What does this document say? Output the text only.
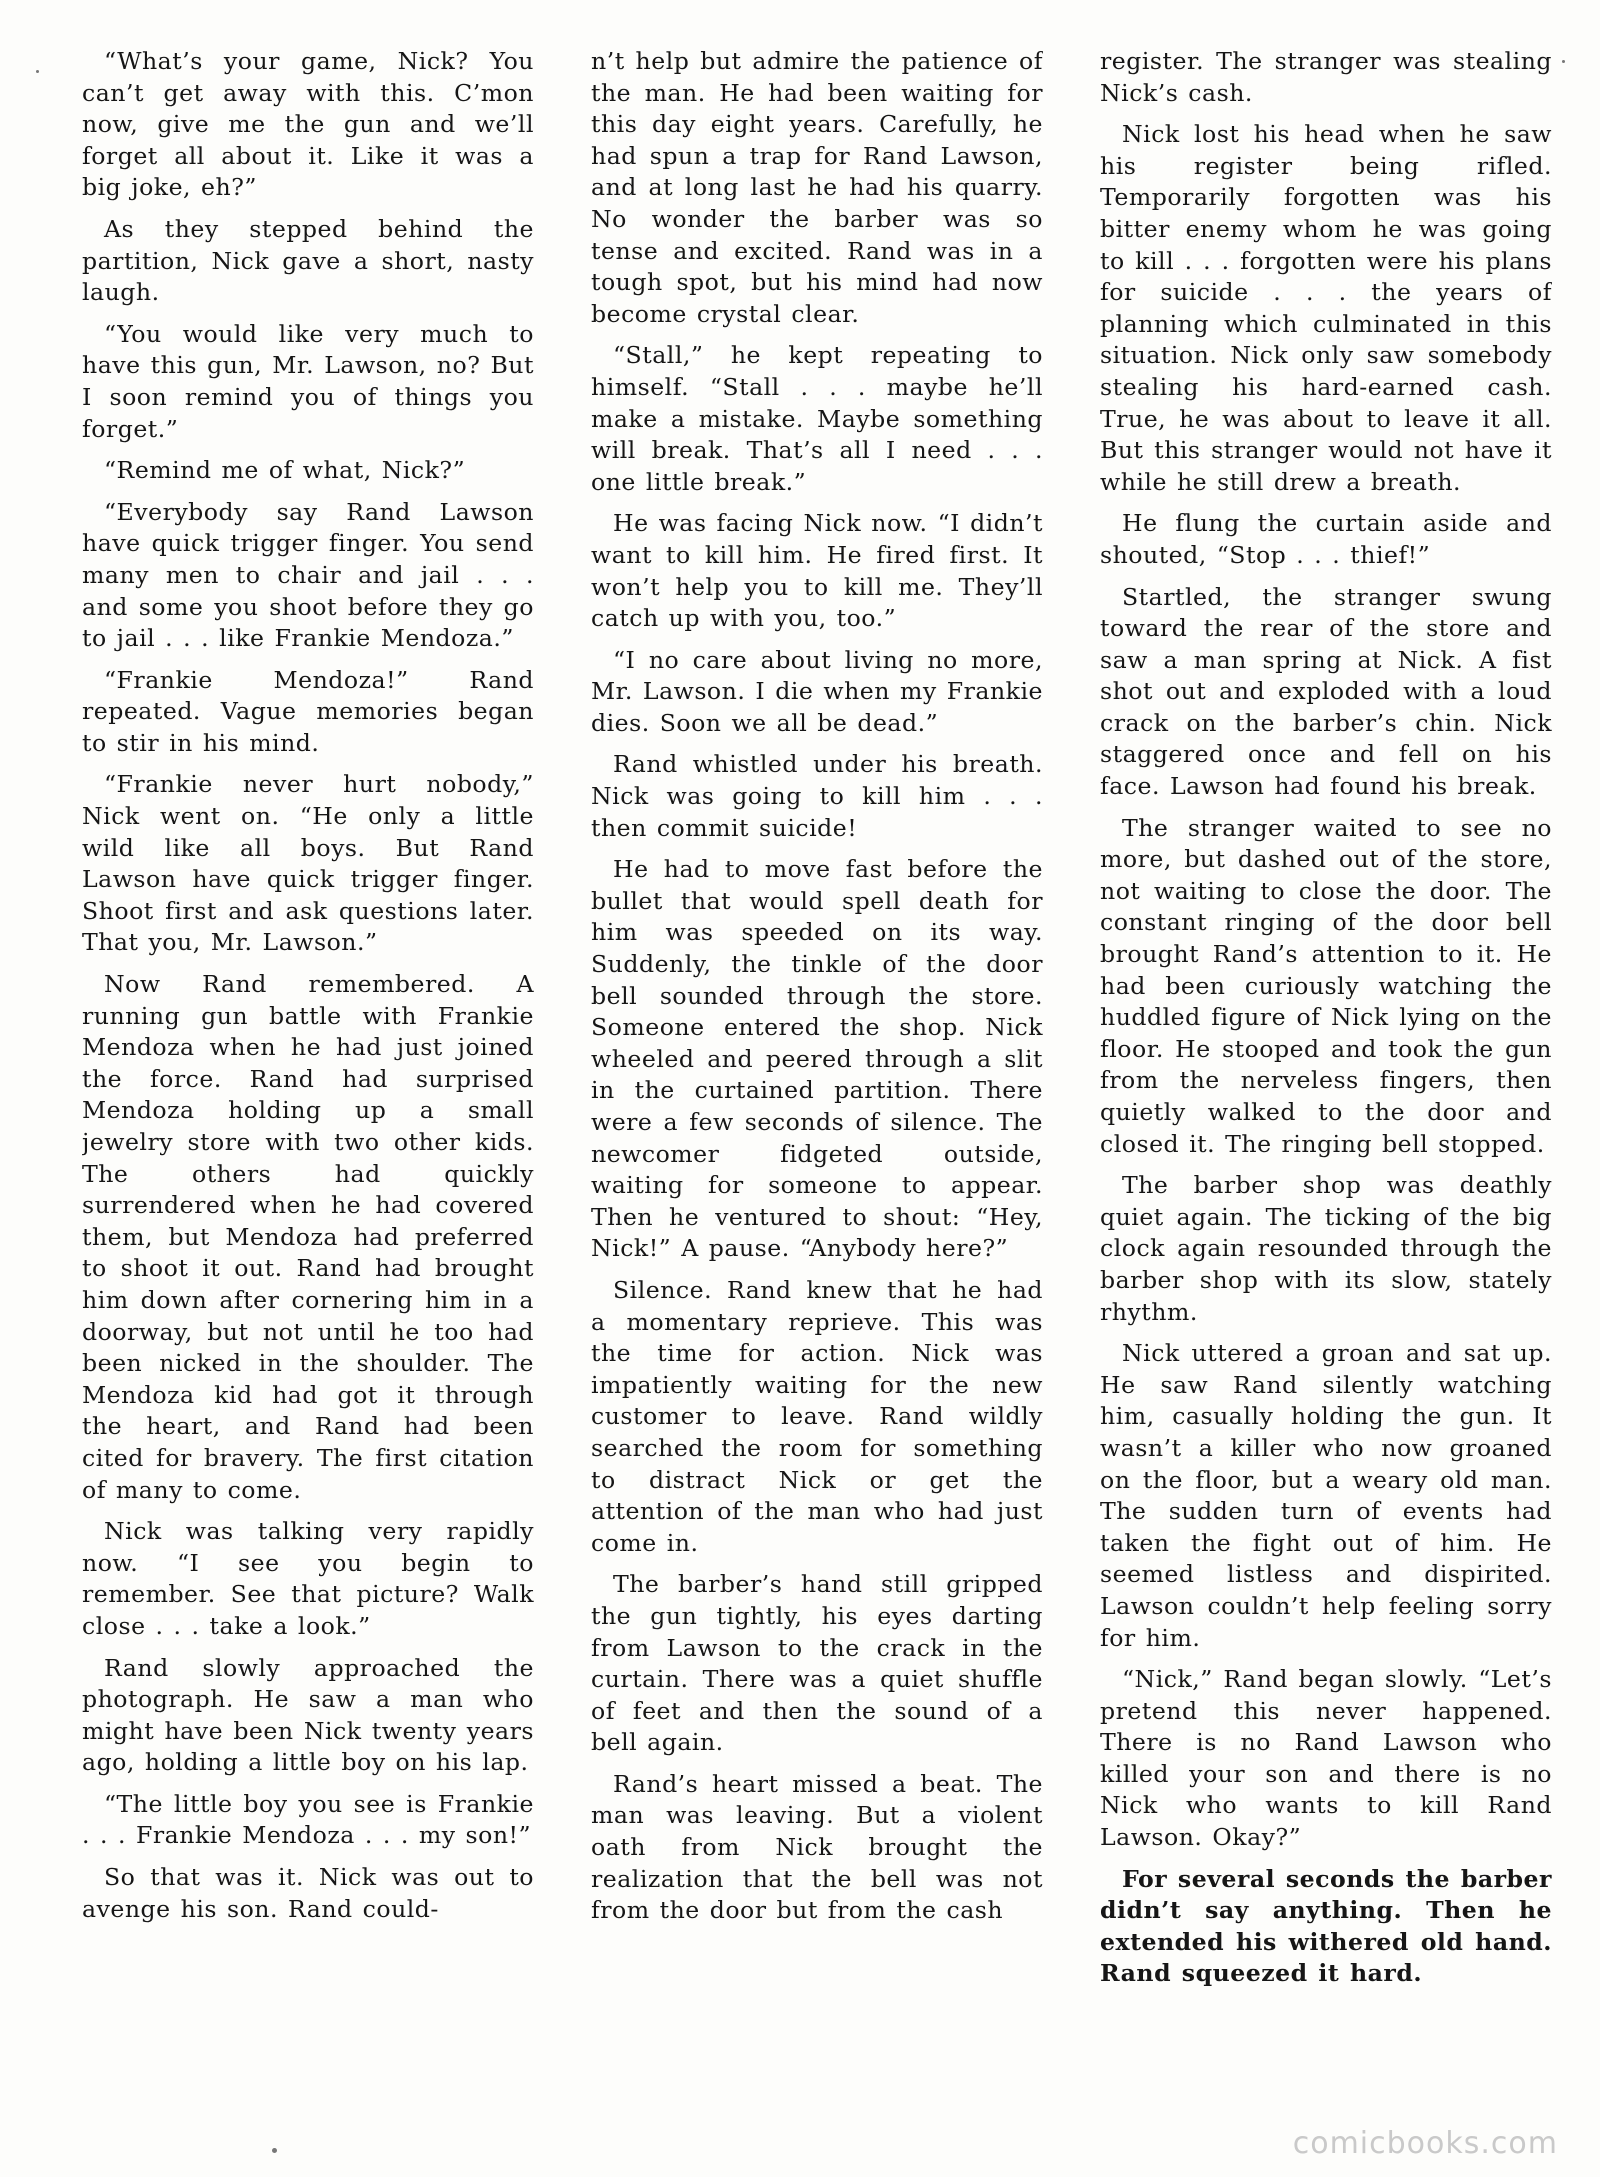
“What’s your game, Nick? You can’t get away with this. C’mon now, give me the gun and we’ll forget all about it. Like it was a big joke, eh?”

As they stepped behind the partition, Nick gave a short, nasty laugh.

“You would like very much to have this gun, Mr. Lawson, no? But I soon remind you of things you forget.”

“Remind me of what, Nick?”

“Everybody say Rand Lawson have quick trigger finger. You send many men to chair and jail . . . and some you shoot before they go to jail . . . like Frankie Mendoza.”

“Frankie Mendoza!” Rand repeated. Vague memories began to stir in his mind.

“Frankie never hurt nobody,” Nick went on. “He only a little wild like all boys. But Rand Lawson have quick trigger finger. Shoot first and ask questions later. That you, Mr. Lawson.”

Now Rand remembered. A running gun battle with Frankie Mendoza when he had just joined the force. Rand had surprised Mendoza holding up a small jewelry store with two other kids. The others had quickly surrendered when he had covered them, but Mendoza had preferred to shoot it out. Rand had brought him down after cornering him in a doorway, but not until he too had been nicked in the shoulder. The Mendoza kid had got it through the heart, and Rand had been cited for bravery. The first citation of many to come.

Nick was talking very rapidly now. “I see you begin to remember. See that picture? Walk close . . . take a look.”

Rand slowly approached the photograph. He saw a man who might have been Nick twenty years ago, holding a little boy on his lap.

“The little boy you see is Frankie . . . Frankie Mendoza . . . my son!”

So that was it. Nick was out to avenge his son. Rand could-

n’t help but admire the patience of the man. He had been waiting for this day eight years. Carefully, he had spun a trap for Rand Lawson, and at long last he had his quarry. No wonder the barber was so tense and excited. Rand was in a tough spot, but his mind had now become crystal clear.

“Stall,” he kept repeating to himself. “Stall . . . maybe he’ll make a mistake. Maybe something will break. That’s all I need . . . one little break.”

He was facing Nick now. “I didn’t want to kill him. He fired first. It won’t help you to kill me. They’ll catch up with you, too.”

“I no care about living no more, Mr. Lawson. I die when my Frankie dies. Soon we all be dead.”

Rand whistled under his breath. Nick was going to kill him . . . then commit suicide!

He had to move fast before the bullet that would spell death for him was speeded on its way. Suddenly, the tinkle of the door bell sounded through the store. Someone entered the shop. Nick wheeled and peered through a slit in the curtained partition. There were a few seconds of silence. The newcomer fidgeted outside, waiting for someone to appear. Then he ventured to shout: “Hey, Nick!” A pause. “Anybody here?”

Silence. Rand knew that he had a momentary reprieve. This was the time for action. Nick was impatiently waiting for the new customer to leave. Rand wildly searched the room for something to distract Nick or get the attention of the man who had just come in.

The barber’s hand still gripped the gun tightly, his eyes darting from Lawson to the crack in the curtain. There was a quiet shuffle of feet and then the sound of a bell again.

Rand’s heart missed a beat. The man was leaving. But a violent oath from Nick brought the realization that the bell was not from the door but from the cash

register. The stranger was stealing Nick’s cash.

Nick lost his head when he saw his register being rifled. Temporarily forgotten was his bitter enemy whom he was going to kill . . . forgotten were his plans for suicide . . . the years of planning which culminated in this situation. Nick only saw somebody stealing his hard-earned cash. True, he was about to leave it all. But this stranger would not have it while he still drew a breath.

He flung the curtain aside and shouted, “Stop . . . thief!”

Startled, the stranger swung toward the rear of the store and saw a man spring at Nick. A fist shot out and exploded with a loud crack on the barber’s chin. Nick staggered once and fell on his face. Lawson had found his break.

The stranger waited to see no more, but dashed out of the store, not waiting to close the door. The constant ringing of the door bell brought Rand’s attention to it. He had been curiously watching the huddled figure of Nick lying on the floor. He stooped and took the gun from the nerveless fingers, then quietly walked to the door and closed it. The ringing bell stopped.

The barber shop was deathly quiet again. The ticking of the big clock again resounded through the barber shop with its slow, stately rhythm.

Nick uttered a groan and sat up. He saw Rand silently watching him, casually holding the gun. It wasn’t a killer who now groaned on the floor, but a weary old man. The sudden turn of events had taken the fight out of him. He seemed listless and dispirited. Lawson couldn’t help feeling sorry for him.

“Nick,” Rand began slowly. “Let’s pretend this never happened. There is no Rand Lawson who killed your son and there is no Nick who wants to kill Rand Lawson. Okay?”

For several seconds the barber didn’t say anything. Then he extended his withered old hand. Rand squeezed it hard.

comicbooks.com
